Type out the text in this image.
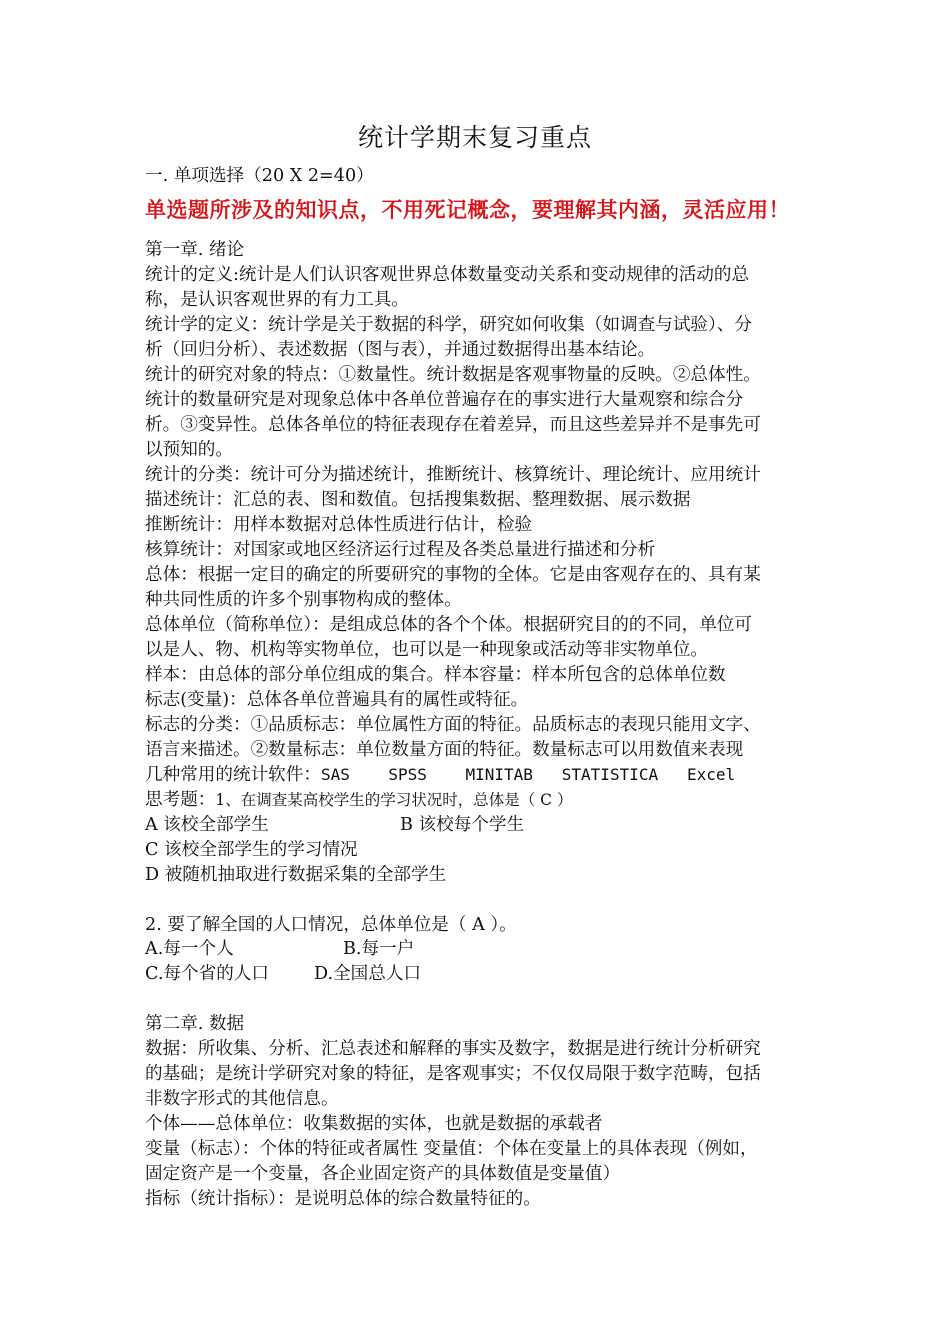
统计学期末复习重点
一. 单项选择（20 X 2=40）
单选题所涉及的知识点，不用死记概念，要理解其内涵，灵活应用！
第一章. 绪论
统计的定义:统计是人们认识客观世界总体数量变动关系和变动规律的活动的总
称，是认识客观世界的有力工具。
统计学的定义：统计学是关于数据的科学，研究如何收集（如调查与试验）、分
析（回归分析）、表述数据（图与表），并通过数据得出基本结论。
统计的研究对象的特点：①数量性。统计数据是客观事物量的反映。②总体性。
统计的数量研究是对现象总体中各单位普遍存在的事实进行大量观察和综合分
析。③变异性。总体各单位的特征表现存在着差异，而且这些差异并不是事先可
以预知的。
统计的分类：统计可分为描述统计，推断统计、核算统计、理论统计、应用统计
描述统计：汇总的表、图和数值。包括搜集数据、整理数据、展示数据
推断统计：用样本数据对总体性质进行估计，检验
核算统计：对国家或地区经济运行过程及各类总量进行描述和分析
总体：根据一定目的确定的所要研究的事物的全体。它是由客观存在的、具有某
种共同性质的许多个别事物构成的整体。
总体单位（简称单位）：是组成总体的各个个体。根据研究目的的不同，单位可
以是人、物、机构等实物单位，也可以是一种现象或活动等非实物单位。
样本：由总体的部分单位组成的集合。样本容量：样本所包含的总体单位数
标志(变量)：总体各单位普遍具有的属性或特征。
标志的分类：①品质标志：单位属性方面的特征。品质标志的表现只能用文字、
语言来描述。②数量标志：单位数量方面的特征。数量标志可以用数值来表现
几种常用的统计软件：SAS    SPSS    MINITAB   STATISTICA   Excel
思考题：1、在调查某高校学生的学习状况时，总体是（ C ）
A 该校全部学生	B 该校每个学生
C 该校全部学生的学习情况
D 被随机抽取进行数据采集的全部学生
2. 要了解全国的人口情况，总体单位是（ A ）。
A.每一个人	B.每一户
C.每个省的人口	D.全国总人口
第二章. 数据
数据：所收集、分析、汇总表述和解释的事实及数字，数据是进行统计分析研究
的基础；是统计学研究对象的特征，是客观事实；不仅仅局限于数字范畴，包括
非数字形式的其他信息。
个体——总体单位：收集数据的实体，也就是数据的承载者
变量（标志）：个体的特征或者属性 变量值：个体在变量上的具体表现（例如，
固定资产是一个变量，各企业固定资产的具体数值是变量值）
指标（统计指标）：是说明总体的综合数量特征的。
